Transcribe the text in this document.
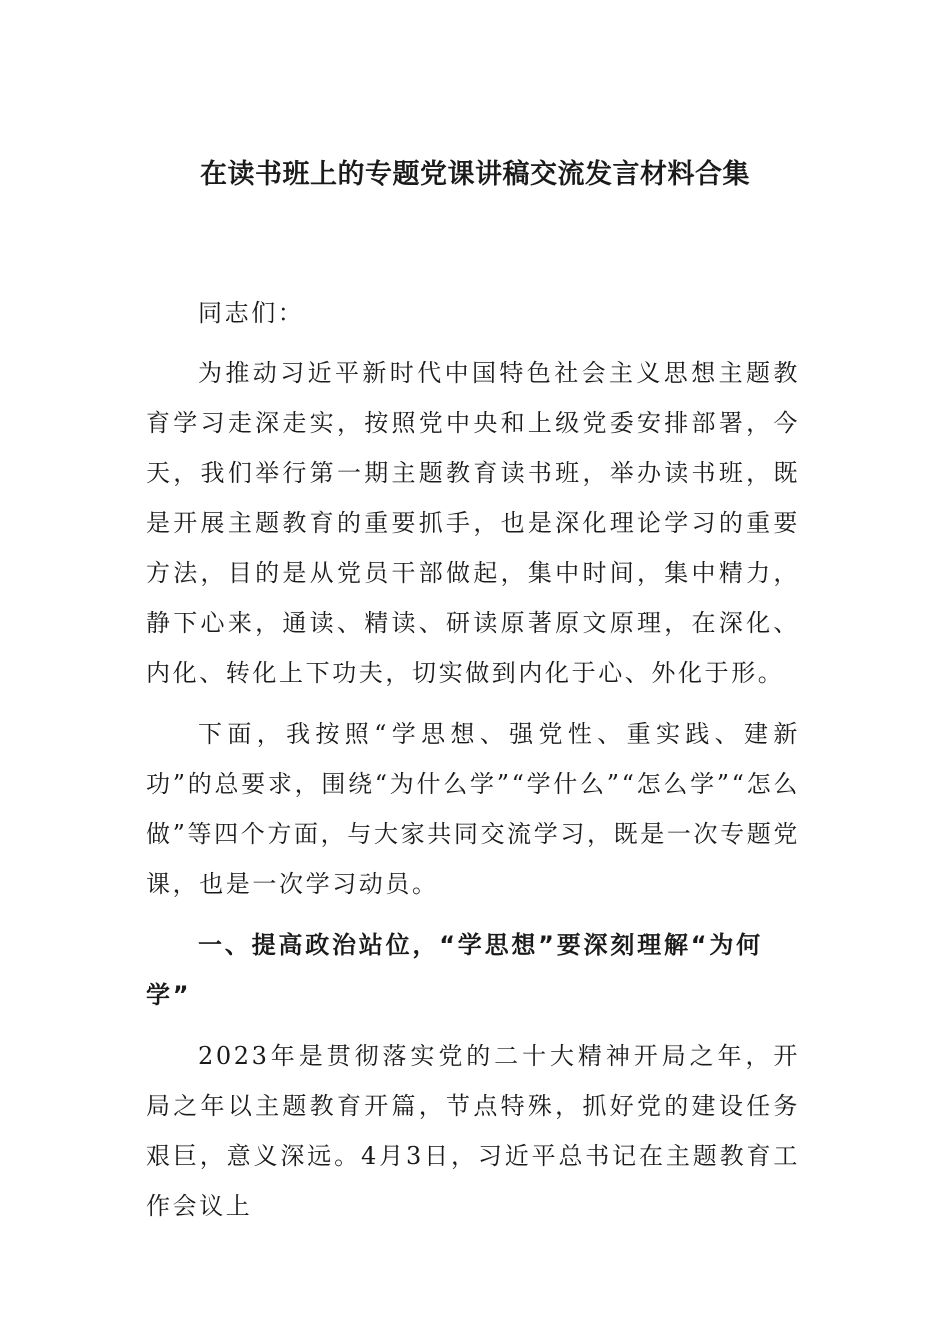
在读书班上的专题党课讲稿交流发言材料合集

同志们：

为推动习近平新时代中国特色社会主义思想主题教育学习走深走实，按照党中央和上级党委安排部署，今天，我们举行第一期主题教育读书班，举办读书班，既是开展主题教育的重要抓手，也是深化理论学习的重要方法，目的是从党员干部做起，集中时间，集中精力，静下心来，通读、精读、研读原著原文原理，在深化、内化、转化上下功夫，切实做到内化于心、外化于形。

下面，我按照“学思想、强党性、重实践、建新功”的总要求，围绕“为什么学”“学什么”“怎么学”“怎么做”等四个方面，与大家共同交流学习，既是一次专题党课，也是一次学习动员。

一、提高政治站位，“学思想”要深刻理解“为何学”

2023年是贯彻落实党的二十大精神开局之年，开局之年以主题教育开篇，节点特殊，抓好党的建设任务艰巨，意义深远。4月3日，习近平总书记在主题教育工作会议上
